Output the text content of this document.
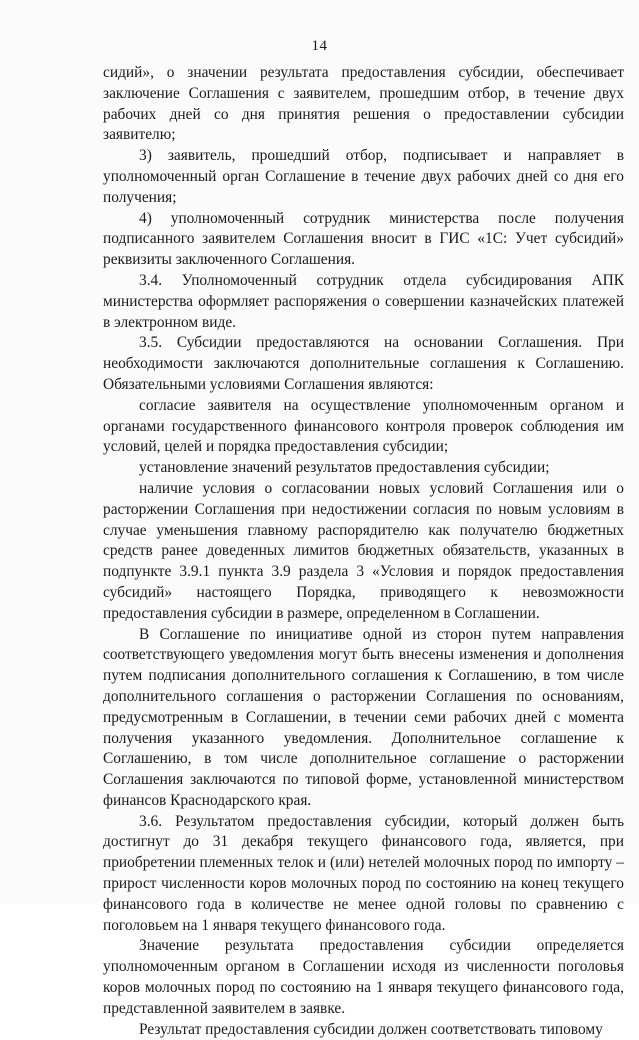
14

сидий», о значении результата предоставления субсидии, обеспечивает заключение Соглашения с заявителем, прошедшим отбор, в течение двух рабочих дней со дня принятия решения о предоставлении субсидии заявителю;

3) заявитель, прошедший отбор, подписывает и направляет в уполномоченный орган Соглашение в течение двух рабочих дней со дня его получения;

4) уполномоченный сотрудник министерства после получения подписанного заявителем Соглашения вносит в ГИС «1С: Учет субсидий» реквизиты заключенного Соглашения.

3.4. Уполномоченный сотрудник отдела субсидирования АПК министерства оформляет распоряжения о совершении казначейских платежей в электронном виде.

3.5. Субсидии предоставляются на основании Соглашения. При необходимости заключаются дополнительные соглашения к Соглашению. Обязательными условиями Соглашения являются:

согласие заявителя на осуществление уполномоченным органом и органами государственного финансового контроля проверок соблюдения им условий, целей и порядка предоставления субсидии;

установление значений результатов предоставления субсидии;

наличие условия о согласовании новых условий Соглашения или о расторжении Соглашения при недостижении согласия по новым условиям в случае уменьшения главному распорядителю как получателю бюджетных средств ранее доведенных лимитов бюджетных обязательств, указанных в подпункте 3.9.1 пункта 3.9 раздела 3 «Условия и порядок предоставления субсидий» настоящего Порядка, приводящего к невозможности предоставления субсидии в размере, определенном в Соглашении.

В Соглашение по инициативе одной из сторон путем направления соответствующего уведомления могут быть внесены изменения и дополнения путем подписания дополнительного соглашения к Соглашению, в том числе дополнительного соглашения о расторжении Соглашения по основаниям, предусмотренным в Соглашении, в течении семи рабочих дней с момента получения указанного уведомления. Дополнительное соглашение к Соглашению, в том числе дополнительное соглашение о расторжении Соглашения заключаются по типовой форме, установленной министерством финансов Краснодарского края.

3.6. Результатом предоставления субсидии, который должен быть достигнут до 31 декабря текущего финансового года, является, при приобретении племенных телок и (или) нетелей молочных пород по импорту – прирост численности коров молочных пород по состоянию на конец текущего финансового года в количестве не менее одной головы по сравнению с поголовьем на 1 января текущего финансового года.

Значение результата предоставления субсидии определяется уполномоченным органом в Соглашении исходя из численности поголовья коров молочных пород по состоянию на 1 января текущего финансового года, представленной заявителем в заявке.

Результат предоставления субсидии должен соответствовать типовому
